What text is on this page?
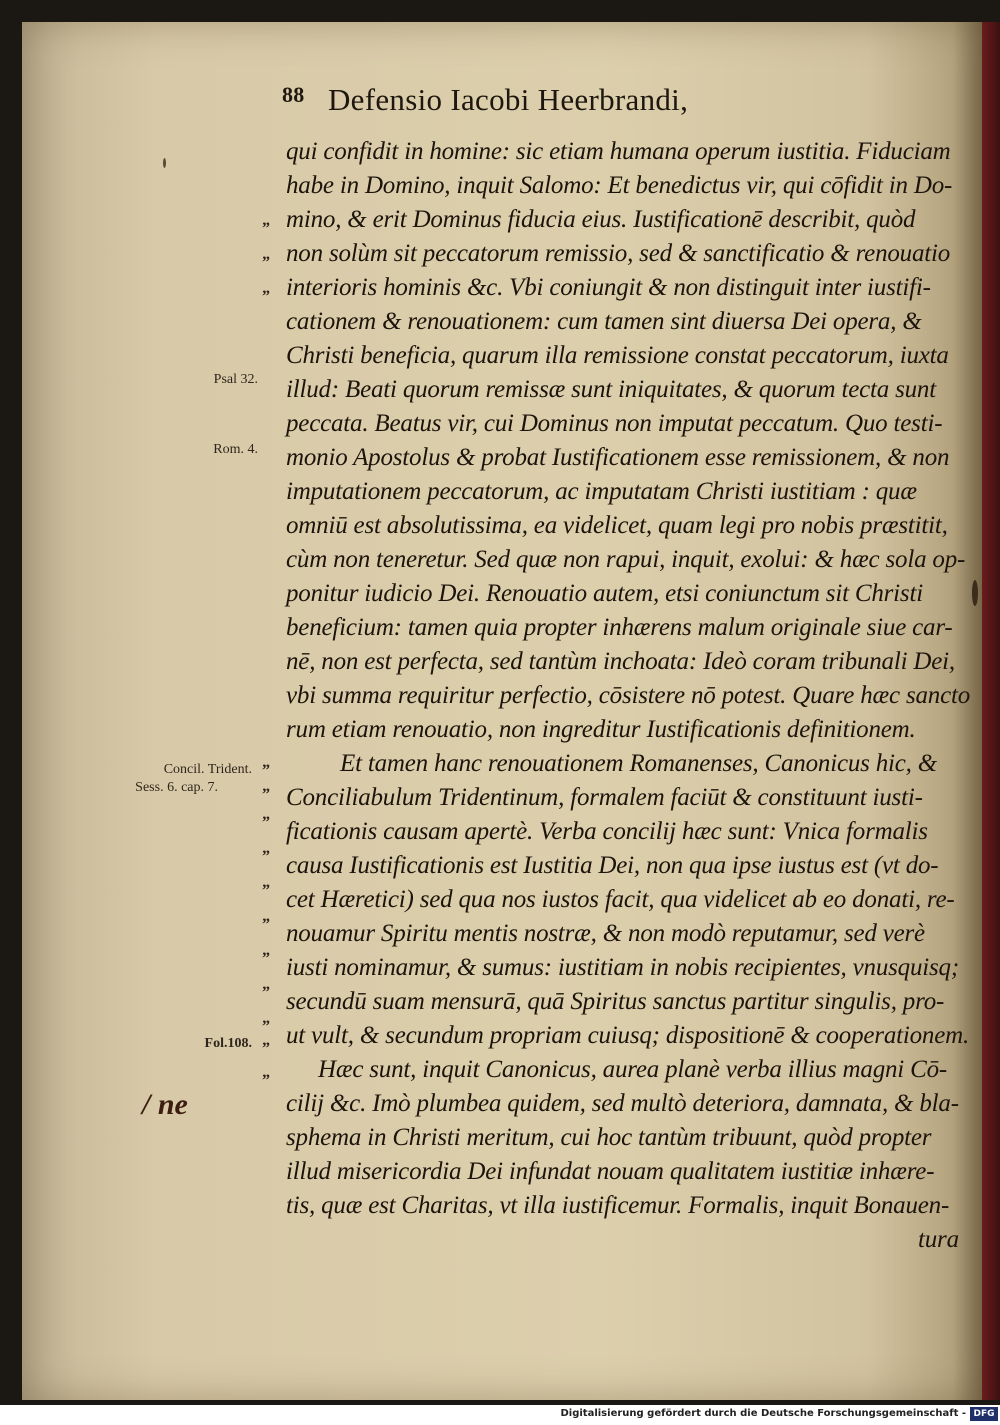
88 Defensio Iacobi Heerbrandi,
qui confidit in homine: sic etiam humana operum iustitia. Fiduciam
habe in Domino, inquit Salomo: Et benedictus vir, qui cōfidit in Do-
mino, & erit Dominus fiducia eius. Iustificationē describit, quòd
non solùm sit peccatorum remissio, sed & sanctificatio & renouatio
interioris hominis &c. Vbi coniungit & non distinguit inter iustifi-
cationem & renouationem: cum tamen sint diuersa Dei opera, &
Christi beneficia, quarum illa remissione constat peccatorum, iuxta
illud: Beati quorum remissæ sunt iniquitates, & quorum tecta sunt
peccata. Beatus vir, cui Dominus non imputat peccatum. Quo testi-
monio Apostolus & probat Iustificationem esse remissionem, & non
imputationem peccatorum, ac imputatam Christi iustitiam : quæ
omniū est absolutissima, ea videlicet, quam legi pro nobis præstitit,
cùm non teneretur. Sed quæ non rapui, inquit, exolui: & hæc sola op-
ponitur iudicio Dei. Renouatio autem, etsi coniunctum sit Christi
beneficium: tamen quia propter inhærens malum originale siue car-
nē, non est perfecta, sed tantùm inchoata: Ideò coram tribunali Dei,
vbi summa requiritur perfectio, cōsistere nō potest. Quare hæc sancto
rum etiam renouatio, non ingreditur Iustificationis definitionem.
Et tamen hanc renouationem Romanenses, Canonicus hic, &
Conciliabulum Tridentinum, formalem faciūt & constituunt iusti-
ficationis causam apertè. Verba concilij hæc sunt: Vnica formalis
causa Iustificationis est Iustitia Dei, non qua ipse iustus est (vt do-
cet Hæretici) sed qua nos iustos facit, qua videlicet ab eo donati, re-
nouamur Spiritu mentis nostræ, & non modò reputamur, sed verè
iusti nominamur, & sumus: iustitiam in nobis recipientes, vnusquisq;
secundū suam mensurā, quā Spiritus sanctus partitur singulis, pro-
ut vult, & secundum propriam cuiusq; dispositionē & cooperationem.
Hæc sunt, inquit Canonicus, aurea planè verba illius magni Cō-
cilij &c. Imò plumbea quidem, sed multò deteriora, damnata, & bla-
sphema in Christi meritum, cui hoc tantùm tribuunt, quòd propter
illud misericordia Dei infundat nouam qualitatem iustitiæ inhære-
tis, quæ est Charitas, vt illa iustificemur. Formalis, inquit Bonauen-
tura
”
”
”
”
”
”
”
”
”
”
”
”
”
”
Psal 32.
Rom. 4.
Concil. Trident.
Sess. 6. cap. 7.
Fol.108.
/ ne
Digitalisierung gefördert durch die Deutsche Forschungsgemeinschaft - DFG
